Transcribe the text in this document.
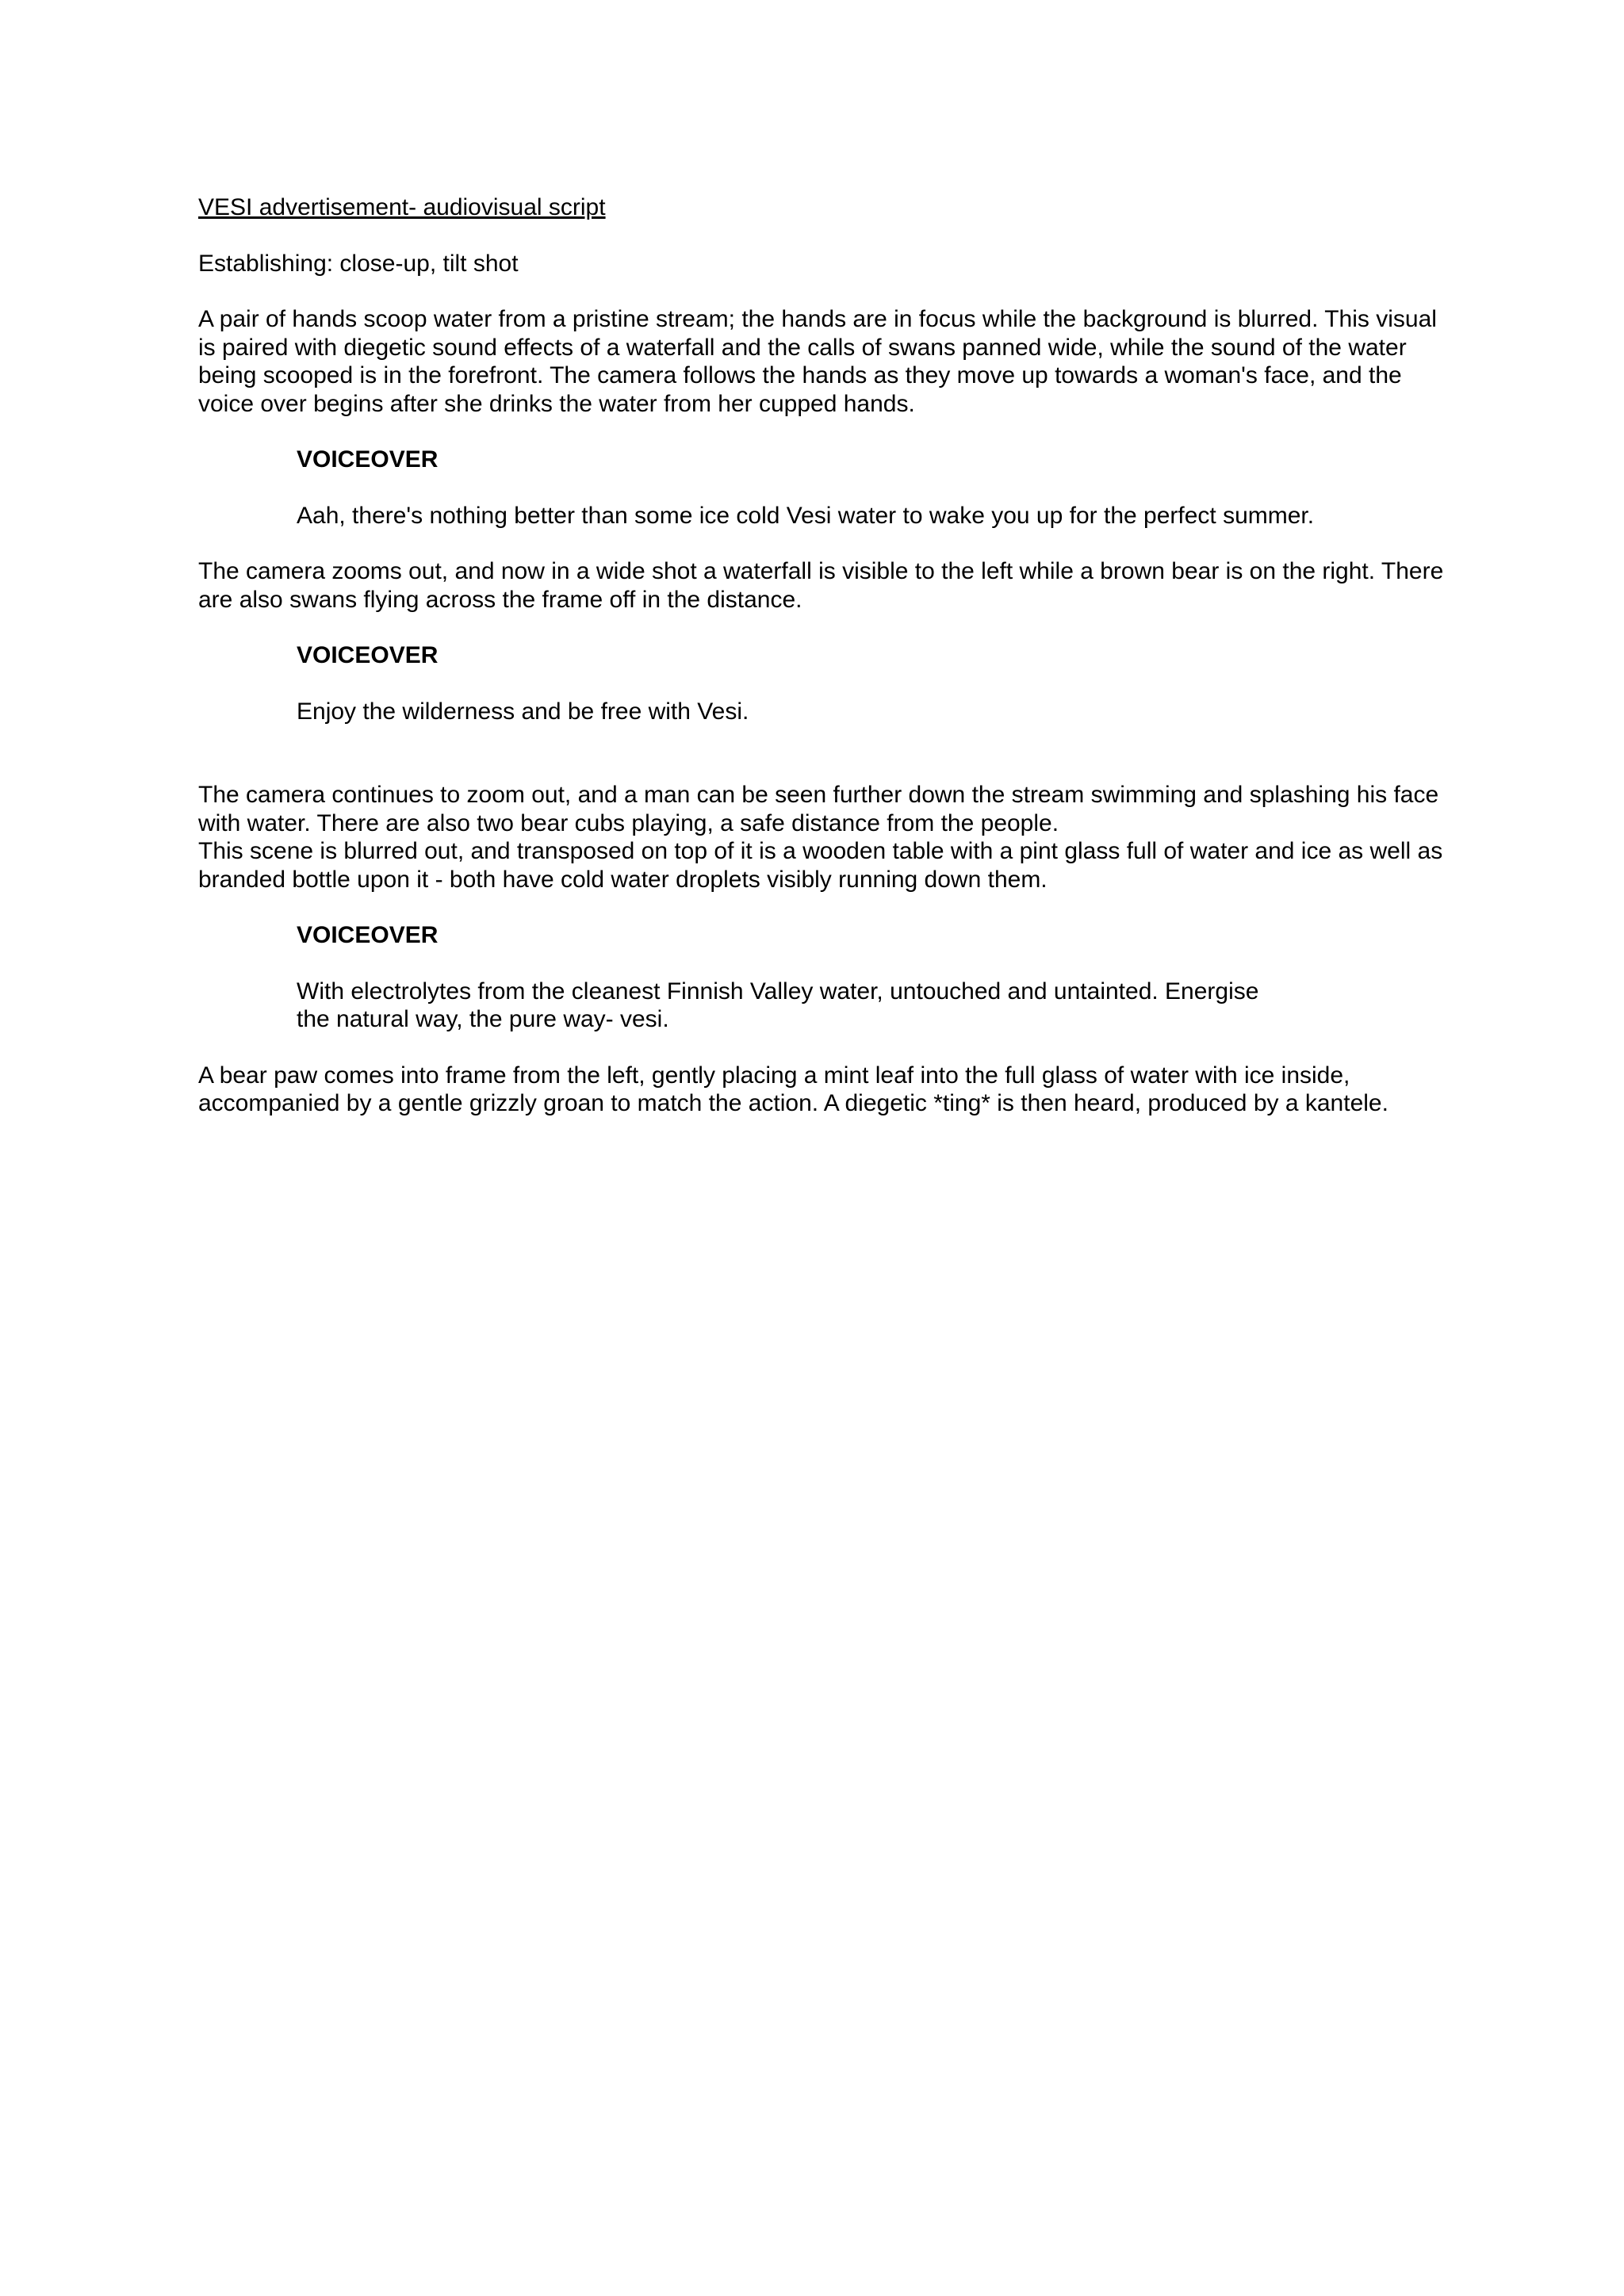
VESI advertisement- audiovisual script

Establishing: close-up, tilt shot

A pair of hands scoop water from a pristine stream; the hands are in focus while the background is blurred. This visual is paired with diegetic sound effects of a waterfall and the calls of swans panned wide, while the sound of the water being scooped is in the forefront. The camera follows the hands as they move up towards a woman's face, and the voice over begins after she drinks the water from her cupped hands.

VOICEOVER

Aah, there's nothing better than some ice cold Vesi water to wake you up for the perfect summer.

The camera zooms out, and now in a wide shot a waterfall is visible to the left while a brown bear is on the right. There are also swans flying across the frame off in the distance.

VOICEOVER

Enjoy the wilderness and be free with Vesi.

The camera continues to zoom out, and a man can be seen further down the stream swimming and splashing his face with water. There are also two bear cubs playing, a safe distance from the people.

This scene is blurred out, and transposed on top of it is a wooden table with a pint glass full of water and ice as well as branded bottle upon it - both have cold water droplets visibly running down them.

VOICEOVER

With electrolytes from the cleanest Finnish Valley water, untouched and untainted. Energise

the natural way, the pure way- vesi.

A bear paw comes into frame from the left, gently placing a mint leaf into the full glass of water with ice inside, accompanied by a gentle grizzly groan to match the action. A diegetic *ting* is then heard, produced by a kantele.
